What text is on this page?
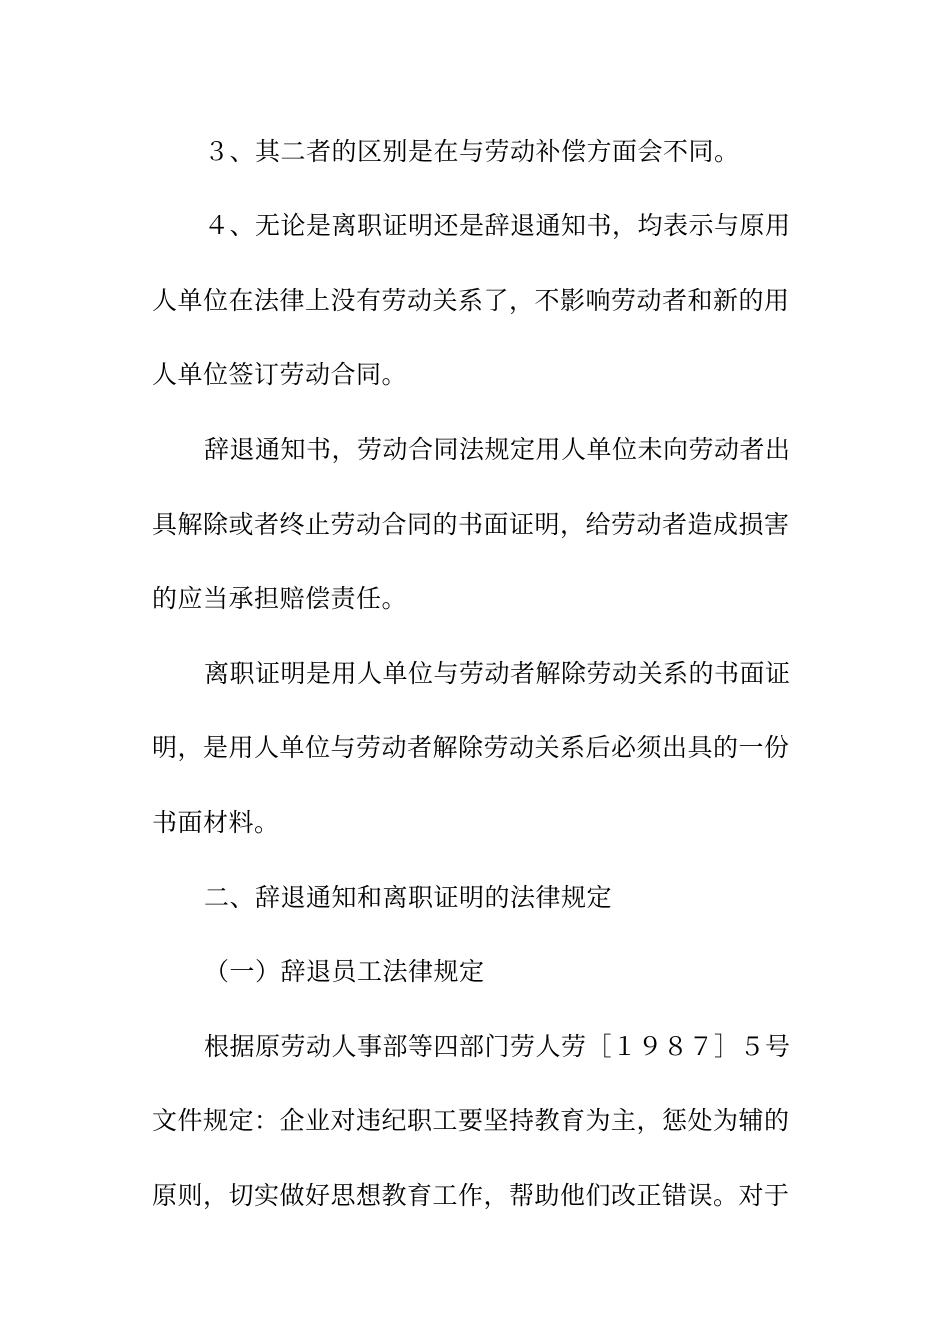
３、其二者的区别是在与劳动补偿方面会不同。
４、无论是离职证明还是辞退通知书，均表示与原用
人单位在法律上没有劳动关系了，不影响劳动者和新的用
人单位签订劳动合同。
辞退通知书，劳动合同法规定用人单位未向劳动者出
具解除或者终止劳动合同的书面证明，给劳动者造成损害
的应当承担赔偿责任。
离职证明是用人单位与劳动者解除劳动关系的书面证
明，是用人单位与劳动者解除劳动关系后必须出具的一份
书面材料。
二、辞退通知和离职证明的法律规定
（一）辞退员工法律规定
根据原劳动人事部等四部门劳人劳［１９８７］５号
文件规定：企业对违纪职工要坚持教育为主，惩处为辅的
原则，切实做好思想教育工作，帮助他们改正错误。对于
